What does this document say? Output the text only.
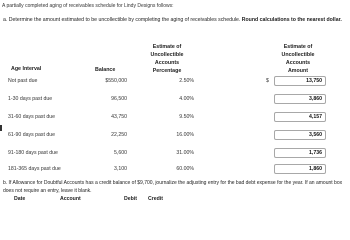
A partially completed aging of receivables schedule for Lindy Designs follows:
a. Determine the amount estimated to be uncollectible by completing the aging of receivables schedule. Round calculations to the nearest dollar.
Age Interval	Balance
Estimate of
Uncollectible
Accounts
Percentage
Estimate of
Uncollectible
Accounts
Amount
Not past due	$550,000	2.50%	$	13,750
1-30 days past due	96,500	4.00%	3,860
31-60 days past due	43,750	9.50%	4,157
61-90 days past due	22,250	16.00%	3,560
91-180 days past due	5,600	31.00%	1,736
181-365 days past due	3,100	60.00%	1,860
b. If Allowance for Doubtful Accounts has a credit balance of $9,700, journalize the adjusting entry for the bad debt expense for the year. If an amount box does not require an entry, leave it blank.
Date	Account	Debit Credit
